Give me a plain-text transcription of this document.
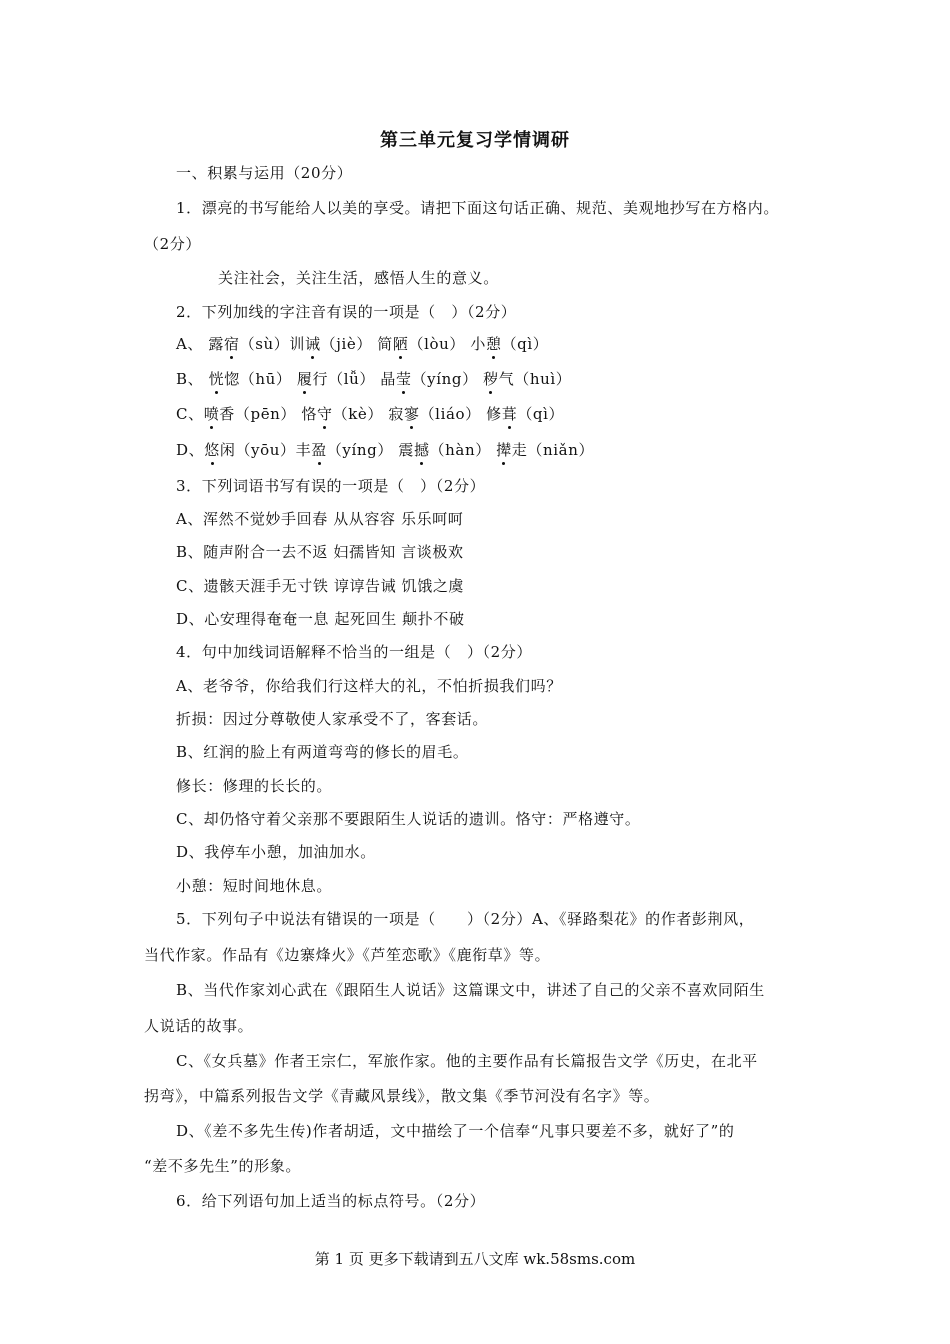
第三单元复习学情调研
一、积累与运用（20分）
1．漂亮的书写能给人以美的享受。请把下面这句话正确、规范、美观地抄写在方格内。
（2分）
关注社会，关注生活，感悟人生的意义。
2．下列加线的字注音有误的一项是（　）（2分）
A、 露宿（sù）训诫（jiè） 简陋（lòu） 小憩（qì）
B、 恍惚（hū） 履行（lǚ） 晶莹（yíng） 秽气（huì）
C、喷香（pēn） 恪守（kè） 寂寥（liáo） 修葺（qì）
D、悠闲（yōu）丰盈（yíng） 震撼（hàn） 撵走（niǎn）
3．下列词语书写有误的一项是（　）（2分）
A、浑然不觉妙手回春 从从容容 乐乐呵呵
B、随声附合一去不返 妇孺皆知 言谈极欢
C、遗骸天涯手无寸铁 谆谆告诫 饥饿之虞
D、心安理得奄奄一息 起死回生 颠扑不破
4．句中加线词语解释不恰当的一组是（　）（2分）
A、老爷爷，你给我们行这样大的礼，不怕折损我们吗？
折损：因过分尊敬使人家承受不了，客套话。
B、红润的脸上有两道弯弯的修长的眉毛。
修长：修理的长长的。
C、却仍恪守着父亲那不要跟陌生人说话的遗训。恪守：严格遵守。
D、我停车小憩，加油加水。
小憩：短时间地休息。
5．下列句子中说法有错误的一项是（　　）（2分）A、《驿路梨花》的作者彭荆风，
当代作家。作品有《边寨烽火》《芦笙恋歌》《鹿衔草》等。
B、当代作家刘心武在《跟陌生人说话》这篇课文中，讲述了自己的父亲不喜欢同陌生
人说话的故事。
C、《女兵墓》作者王宗仁，军旅作家。他的主要作品有长篇报告文学《历史，在北平
拐弯》，中篇系列报告文学《青藏风景线》，散文集《季节河没有名字》等。
D、《差不多先生传)作者胡适，文中描绘了一个信奉“凡事只要差不多，就好了”的
“差不多先生”的形象。
6．给下列语句加上适当的标点符号。（2分）
第 1 页 更多下载请到五八文库 wk.58sms.com
